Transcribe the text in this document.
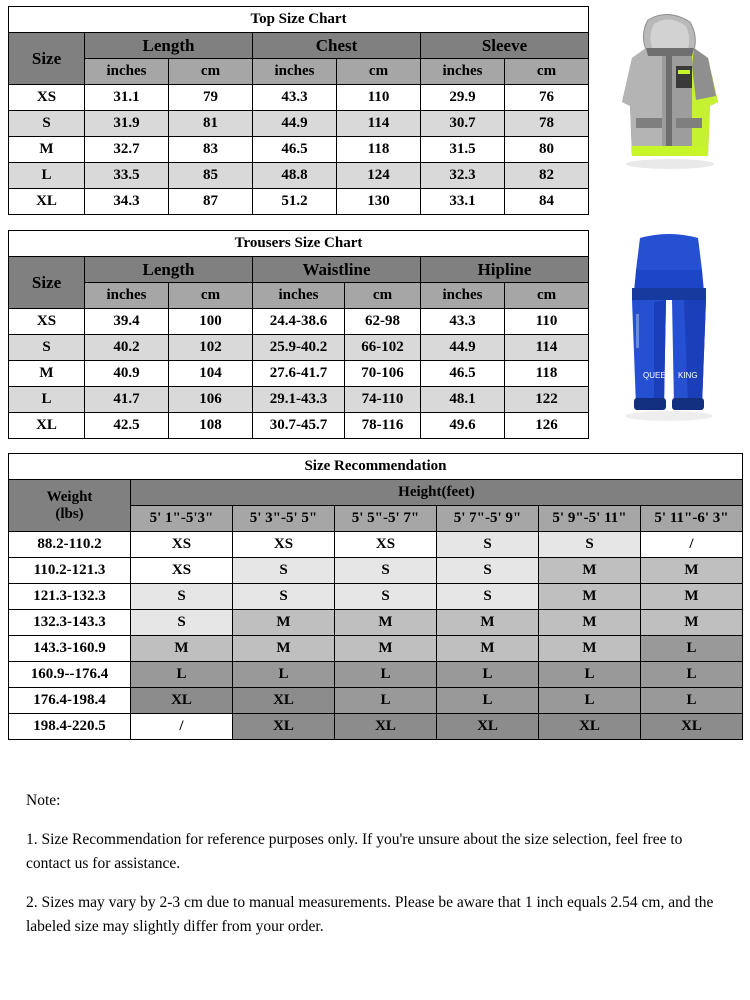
Top Size Chart						
Size	Length		Chest		Sleeve	
	inches	cm	inches	cm	inches	cm
XS	31.1	79	43.3	110	29.9	76
S	31.9	81	44.9	114	30.7	78
M	32.7	83	46.5	118	31.5	80
L	33.5	85	48.8	124	32.3	82
XL	34.3	87	51.2	130	33.1	84
Trousers Size Chart						
Size	Length		Waistline		Hipline	
	inches	cm	inches	cm	inches	cm
XS	39.4	100	24.4-38.6	62-98	43.3	110
S	40.2	102	25.9-40.2	66-102	44.9	114
M	40.9	104	27.6-41.7	70-106	46.5	118
L	41.7	106	29.1-43.3	74-110	48.1	122
XL	42.5	108	30.7-45.7	78-116	49.6	126
QUEEN KING
Size Recommendation						

Weight
(lbs)	Height(feet)					
	5' 1"-5'3"	5' 3"-5' 5"	5' 5"-5' 7"	5' 7"-5' 9"	5' 9"-5' 11"	5' 11"-6' 3"
88.2-110.2	XS	XS	XS	S	S	/
110.2-121.3	XS	S	S	S	M	M
121.3-132.3	S	S	S	S	M	M
132.3-143.3	S	M	M	M	M	M
143.3-160.9	M	M	M	M	M	L
160.9--176.4	L	L	L	L	L	L
176.4-198.4	XL	XL	L	L	L	L
198.4-220.5	/	XL	XL	XL	XL	XL

Note:

1. Size Recommendation for reference purposes only. If you're unsure about the size selection, feel free to contact us for assistance.

2. Sizes may vary by 2-3 cm due to manual measurements. Please be aware that 1 inch equals 2.54 cm, and the labeled size may slightly differ from your order.
